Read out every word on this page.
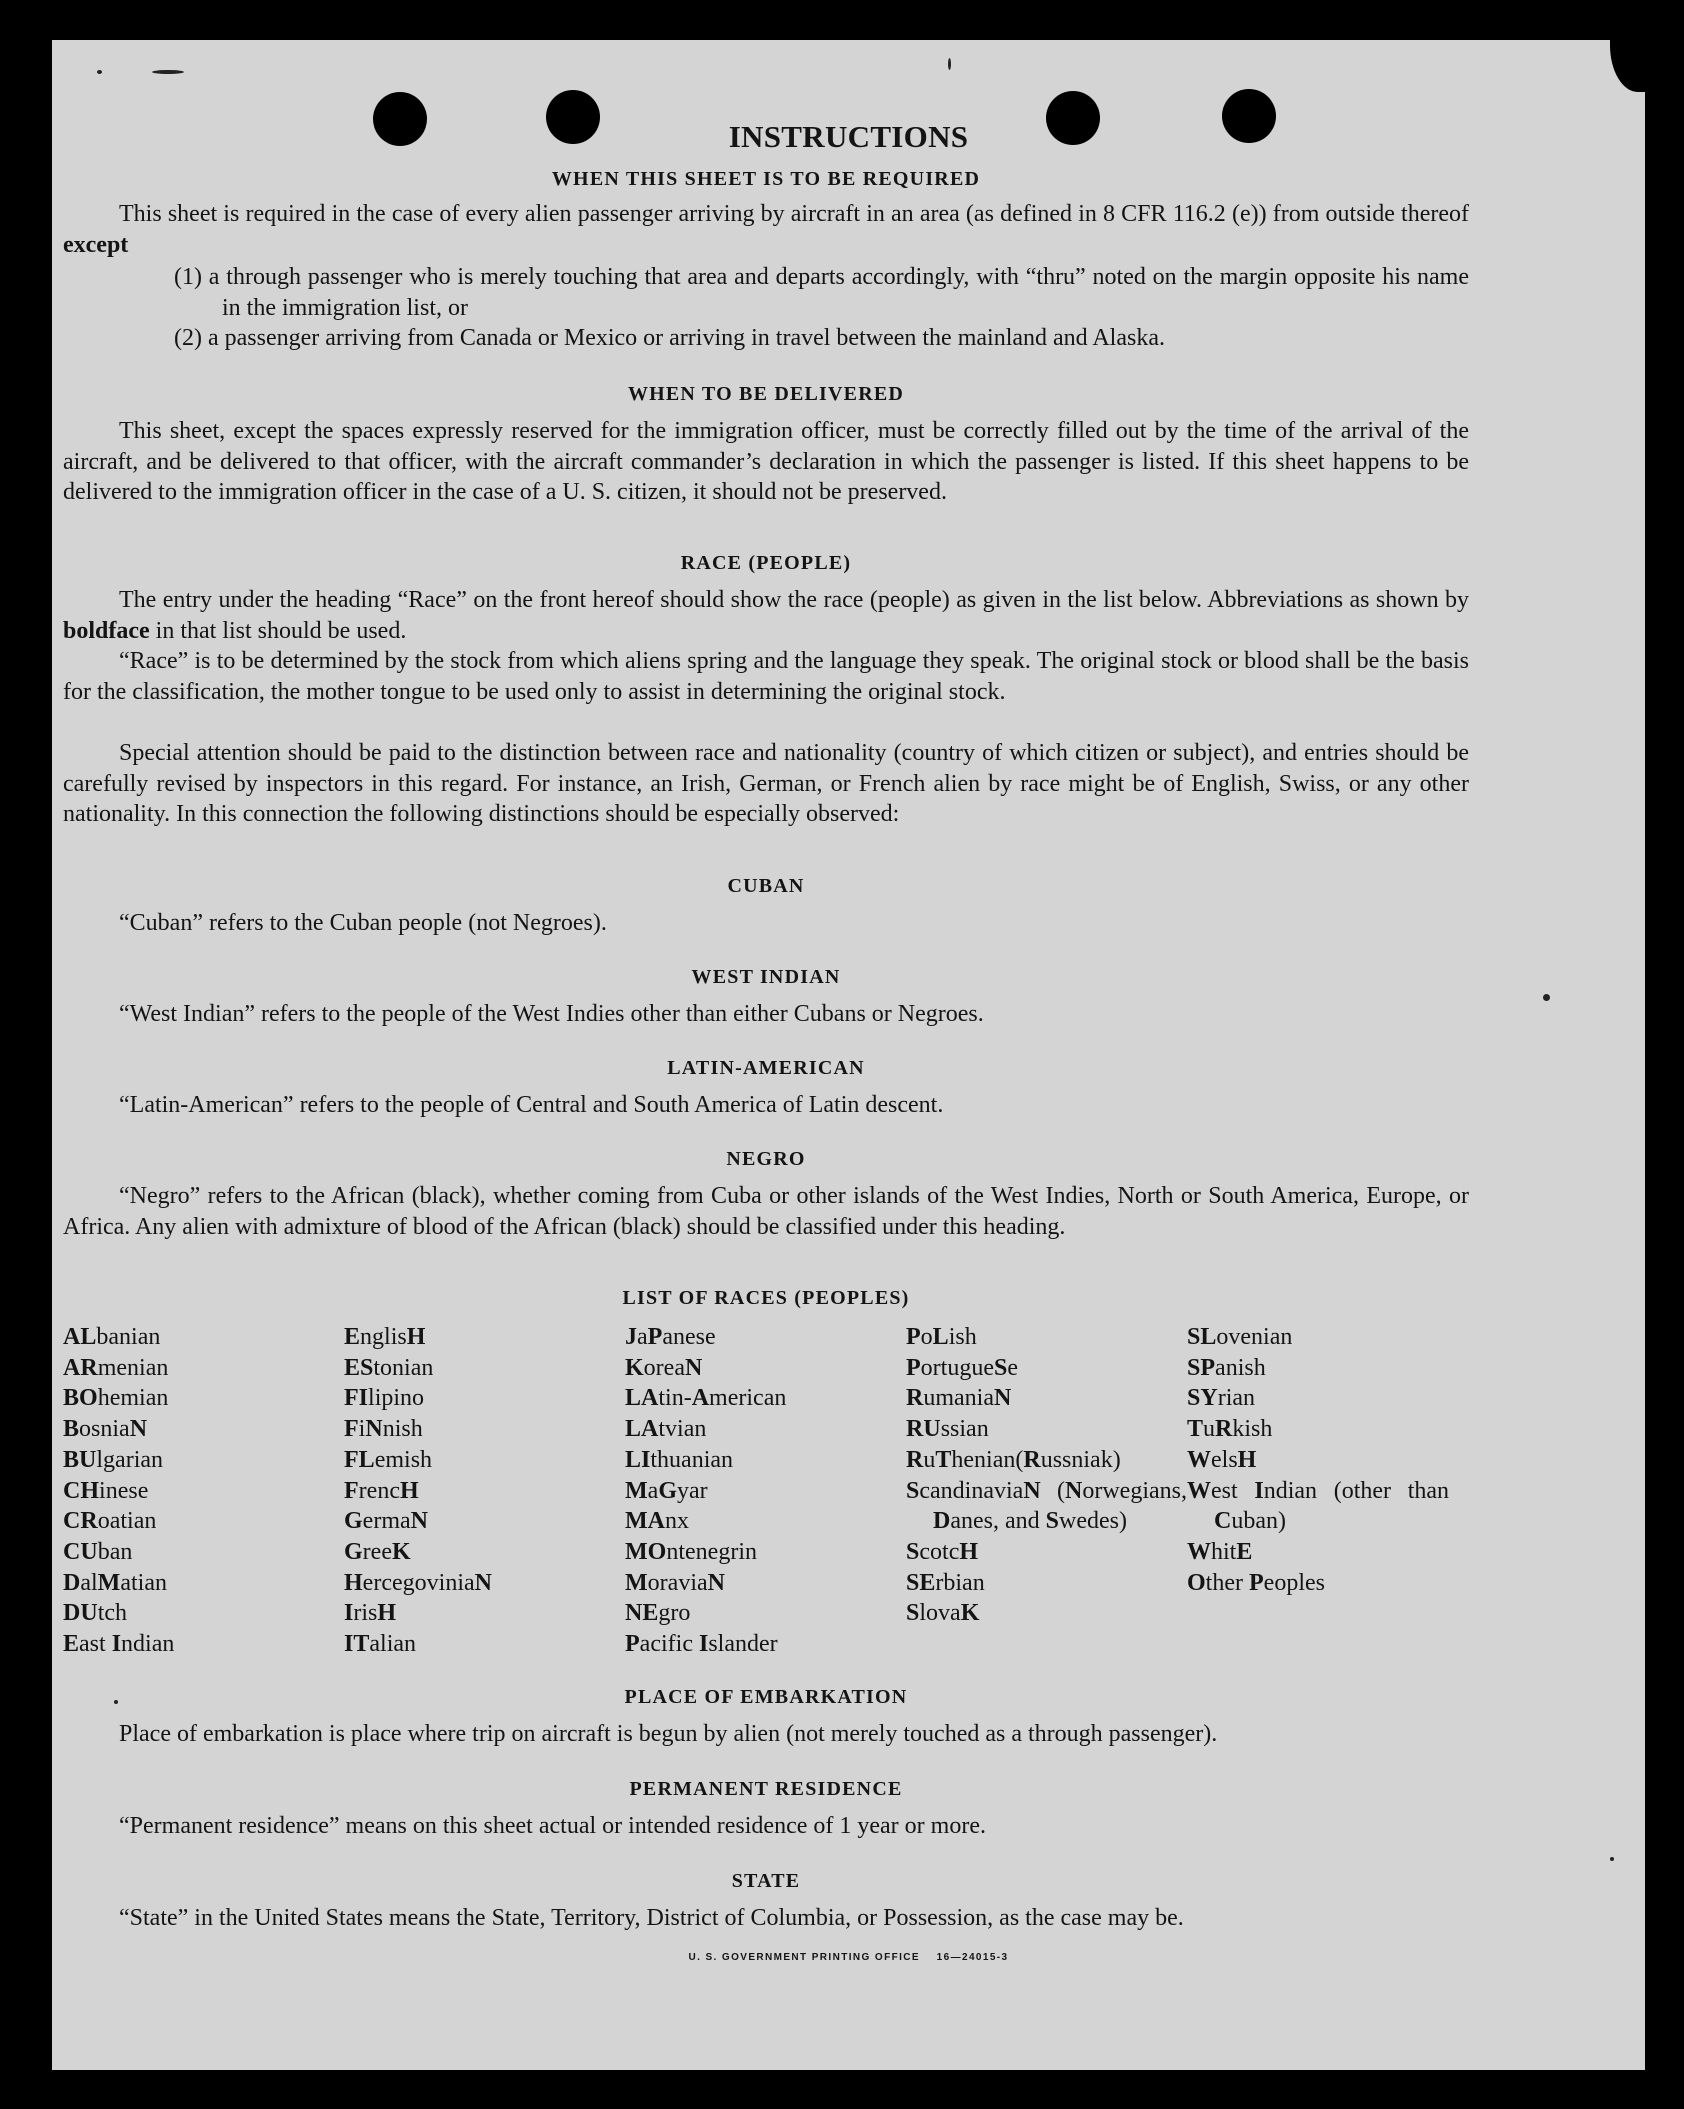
INSTRUCTIONS
WHEN THIS SHEET IS TO BE REQUIRED
This sheet is required in the case of every alien passenger arriving by aircraft in an area (as defined in 8 CFR 116.2 (e)) from outside thereof except
(1) a through passenger who is merely touching that area and departs accordingly, with “thru” noted on the margin opposite his name in the immigration list, or
(2) a passenger arriving from Canada or Mexico or arriving in travel between the mainland and Alaska.
WHEN TO BE DELIVERED
This sheet, except the spaces expressly reserved for the immigration officer, must be correctly filled out by the time of the arrival of the aircraft, and be delivered to that officer, with the aircraft commander’s declaration in which the passenger is listed. If this sheet happens to be delivered to the immigration officer in the case of a U. S. citizen, it should not be preserved.
RACE (PEOPLE)
The entry under the heading “Race” on the front hereof should show the race (people) as given in the list below. Abbreviations as shown by boldface in that list should be used.
“Race” is to be determined by the stock from which aliens spring and the language they speak. The original stock or blood shall be the basis for the classification, the mother tongue to be used only to assist in determining the original stock.
Special attention should be paid to the distinction between race and nationality (country of which citizen or subject), and entries should be carefully revised by inspectors in this regard. For instance, an Irish, German, or French alien by race might be of English, Swiss, or any other nationality. In this connection the following distinctions should be especially observed:
CUBAN
“Cuban” refers to the Cuban people (not Negroes).
WEST INDIAN
“West Indian” refers to the people of the West Indies other than either Cubans or Negroes.
LATIN-AMERICAN
“Latin-American” refers to the people of Central and South America of Latin descent.
NEGRO
“Negro” refers to the African (black), whether coming from Cuba or other islands of the West Indies, North or South America, Europe, or Africa. Any alien with admixture of blood of the African (black) should be classified under this heading.
LIST OF RACES (PEOPLES)
ALbanian
ARmenian
BOhemian
BosniaN
BUlgarian
CHinese
CRoatian
CUban
DalMatian
DUtch
East Indian
EnglisH
EStonian
FIlipino
FiNnish
FLemish
FrencH
GermaN
GreeK
HercegoviniaN
IrisH
ITalian
JaPanese
KoreaN
LAtin-American
LAtvian
LIthuanian
MaGyar
MAnx
MOntenegrin
MoraviaN
NEgro
Pacific Islander
PoLish
PortugueSe
RumaniaN
RUssian
RuThenian(Russniak)
ScandinaviaN (Norwegians, Danes, and Swedes)
ScotcH
SErbian
SlovaK
SLovenian
SPanish
SYrian
TuRkish
WelsH
West Indian (other than Cuban)
WhitE
Other Peoples
PLACE OF EMBARKATION
Place of embarkation is place where trip on aircraft is begun by alien (not merely touched as a through passenger).
PERMANENT RESIDENCE
“Permanent residence” means on this sheet actual or intended residence of 1 year or more.
STATE
“State” in the United States means the State, Territory, District of Columbia, or Possession, as the case may be.
U. S. GOVERNMENT PRINTING OFFICE    16—24015-3
